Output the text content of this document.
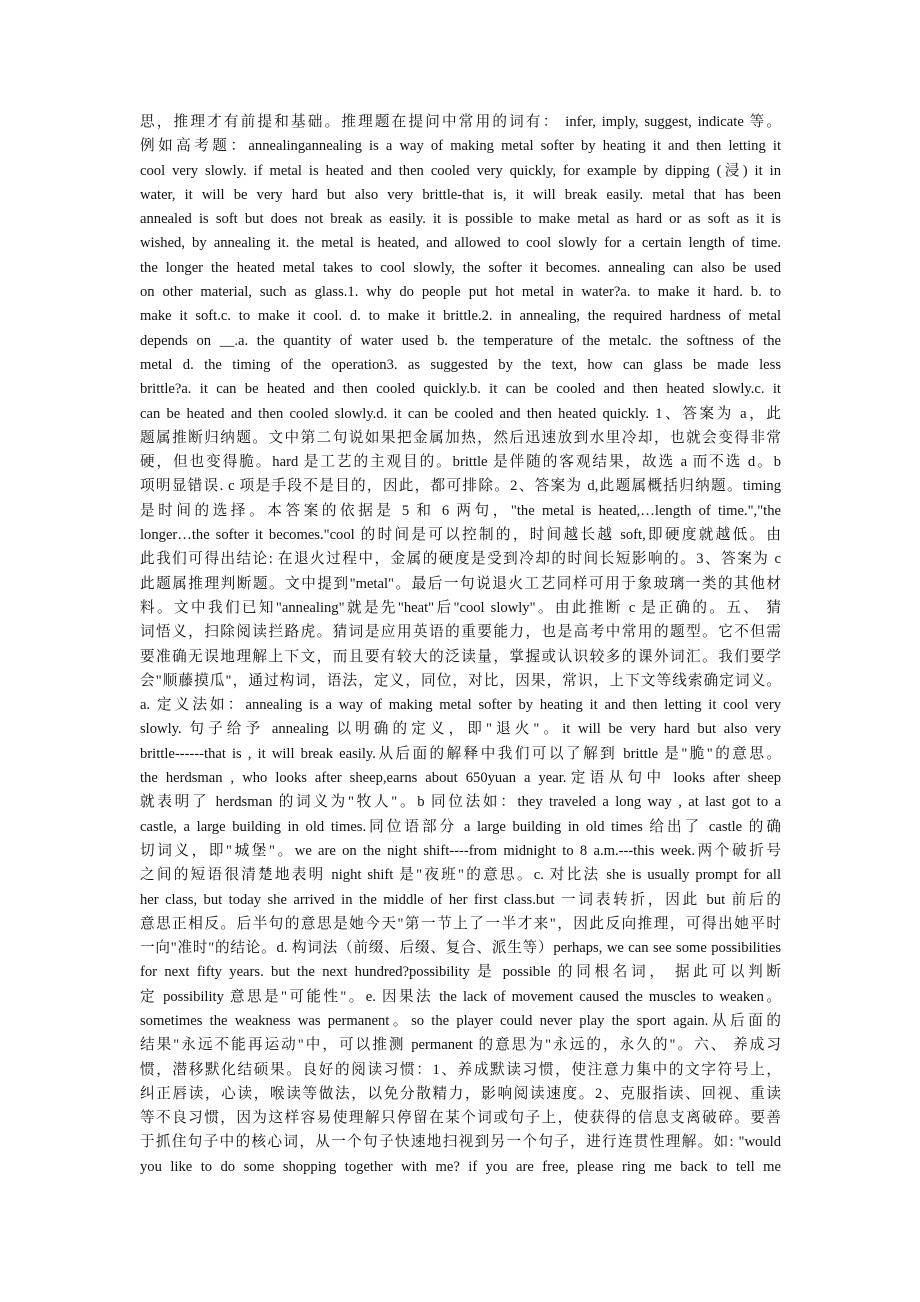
思，推理才有前提和基础。推理题在提问中常用的词有： infer, imply, suggest, indicate 等。
例如高考题：annealingannealing is a way of making metal softer by heating it and then letting it
cool very slowly. if metal is heated and then cooled very quickly, for example by dipping (浸) it in
water, it will be very hard but also very brittle-that is, it will break easily. metal that has been
annealed is soft but does not break as easily. it is possible to make metal as hard or as soft as it is
wished, by annealing it. the metal is heated, and allowed to cool slowly for a certain length of time.
the longer the heated metal takes to cool slowly, the softer it becomes. annealing can also be used
on other material, such as glass.1. why do people put hot metal in water?a. to make it hard. b. to
make it soft.c. to make it cool. d. to make it brittle.2. in annealing, the required hardness of metal
depends on __.a. the quantity of water used b. the temperature of the metalc. the softness of the
metal d. the timing of the operation3. as suggested by the text, how can glass be made less
brittle?a. it can be heated and then cooled quickly.b. it can be cooled and then heated slowly.c. it
can be heated and then cooled slowly.d. it can be cooled and then heated quickly. 1、答案为 a，此
题属推断归纳题。文中第二句说如果把金属加热，然后迅速放到水里冷却，也就会变得非常
硬，但也变得脆。hard 是工艺的主观目的。brittle 是伴随的客观结果，故选 a 而不选 d。b
项明显错误. c 项是手段不是目的，因此，都可排除。2、答案为 d,此题属概括归纳题。timing
是时间的选择。本答案的依据是 5 和 6 两句，"the metal is heated,…length of time.","the
longer…the softer it becomes."cool 的时间是可以控制的，时间越长越 soft,即硬度就越低。由
此我们可得出结论: 在退火过程中，金属的硬度是受到冷却的时间长短影响的。3、答案为 c
此题属推理判断题。文中提到"metal"。最后一句说退火工艺同样可用于象玻璃一类的其他材
料。文中我们已知"annealing"就是先"heat"后"cool slowly"。由此推断 c 是正确的。五、 猜
词悟义，扫除阅读拦路虎。猜词是应用英语的重要能力，也是高考中常用的题型。它不但需
要准确无误地理解上下文，而且要有较大的泛读量，掌握或认识较多的课外词汇。我们要学
会"顺藤摸瓜"，通过构词，语法，定义，同位，对比，因果，常识，上下文等线索确定词义。
a. 定义法如：annealing is a way of making metal softer by heating it and then letting it cool very
slowly. 句子给予 annealing 以明确的定义，即"退火"。it will be very hard but also very
brittle------that is , it will break easily.从后面的解释中我们可以了解到 brittle 是"脆"的意思。
the herdsman , who looks after sheep,earns about 650yuan a year.定语从句中 looks after sheep
就表明了 herdsman 的词义为"牧人"。b 同位法如：they traveled a long way , at last got to a
castle, a large building in old times.同位语部分 a large building in old times 给出了 castle 的确
切词义，即"城堡"。we are on the night shift----from midnight to 8 a.m.---this week.两个破折号
之间的短语很清楚地表明 night shift 是"夜班"的意思。c. 对比法 she is usually prompt for all
her class, but today she arrived in the middle of her first class.but 一词表转折，因此 but 前后的
意思正相反。后半句的意思是她今天"第一节上了一半才来"，因此反向推理，可得出她平时
一向"准时"的结论。d. 构词法（前缀、后缀、复合、派生等）perhaps, we can see some possibilities
for next fifty years. but the next hundred?possibility 是 possible 的同根名词， 据此可以判断
定 possibility 意思是"可能性"。e. 因果法 the lack of movement caused the muscles to weaken。
sometimes the weakness was permanent。so the player could never play the sport again.从后面的
结果"永远不能再运动"中，可以推测 permanent 的意思为"永远的，永久的"。六、 养成习
惯，潜移默化结硕果。良好的阅读习惯：1、养成默读习惯，使注意力集中的文字符号上，
纠正唇读，心读，喉读等做法，以免分散精力，影响阅读速度。2、克服指读、回视、重读
等不良习惯，因为这样容易使理解只停留在某个词或句子上，使获得的信息支离破碎。要善
于抓住句子中的核心词，从一个句子快速地扫视到另一个句子，进行连贯性理解。如: "would
you like to do some shopping together with me? if you are free, please ring me back to tell me
